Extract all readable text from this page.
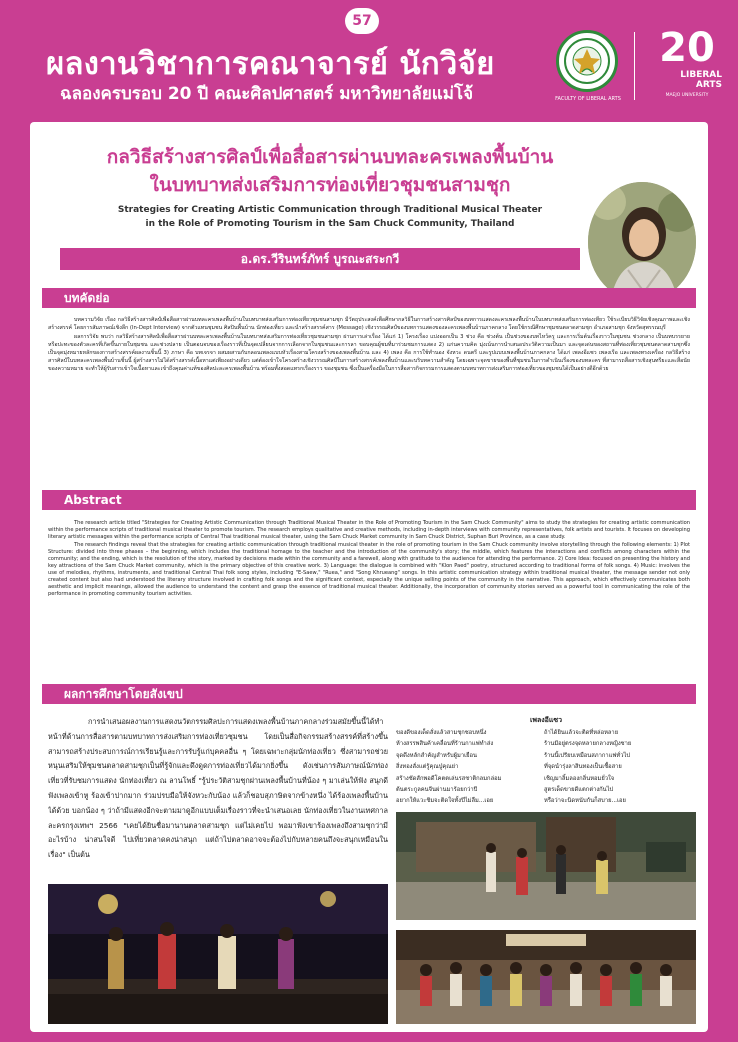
57
ผลงานวิชาการคณาจารย์ นักวิจัย
ฉลองครบรอบ 20 ปี คณะศิลปศาสตร์ มหาวิทยาลัยแม่โจ้	FACULTY OF LIBERAL ARTS
20
LIBERAL ARTS
MAEJO UNIVERSITY
กลวิธีสร้างสารศิลป์เพื่อสื่อสารผ่านบทละครเพลงพื้นบ้าน
ในบทบาทส่งเสริมการท่องเที่ยวชุมชนสามชุก
Strategies for Creating Artistic Communication through Traditional Musical Theater
in the Role of Promoting Tourism in the Sam Chuck Community, Thailand
อ.ดร.วีรินทร์ภัทร์ บูรณะสระกวี
บทคัดย่อ

บทความวิจัย เรื่อง กลวิธีสร้างสารศิลป์เพื่อสื่อสารผ่านบทละครเพลงพื้นบ้านในบทบาทส่งเสริมการท่องเที่ยวชุมชนสามชุก มีวัตถุประสงค์เพื่อศึกษากลวิธีในการสร้างสารศิลป์ของบทการแสดงละครเพลงพื้นบ้านในบทบาทส่งเสริมการท่องเที่ยว ใช้ระเบียบวิธีวิจัยเชิงคุณภาพและเชิงสร้างสรรค์ โดยการสัมภาษณ์เชิงลึก (In-Dept Interview) จากตัวแทนชุมชน ศิลปินพื้นบ้าน นักท่องเที่ยว และนำสร้างสรรค์สาร (Message) เชิงวรรณศิลป์ของบทการแสดงของละครเพลงพื้นบ้านภาคกลาง โดยใช้กรณีศึกษาชุมชนตลาดสามชุก อำเภอสามชุก จังหวัดสุพรรณบุรี

ผลการวิจัย พบว่า กลวิธีสร้างสารศิลป์เพื่อสื่อสารผ่านบทละครเพลงพื้นบ้านในบทบาทส่งเสริมการท่องเที่ยวชุมชนสามชุก ผ่านการเล่าเรื่อง ได้แก่ 1) โครงเรื่อง แบ่งออกเป็น 3 ช่วง คือ ช่วงต้น เป็นช่วงของบทไหว้ครู และการเริ่มต้นเรื่องราวในชุมชน ช่วงกลาง เป็นบทบรรยายหรือปะทะของตัวละครที่เกิดขึ้นภายในชุมชน และช่วงปลาย เป็นตอนจบของเรื่องราวที่เป็นจุดเปลี่ยนจากการเลือกจากในชุมชนและการลา ขอบคุณผู้ชมที่มาร่วมชมการแสดง 2) แก่นความคิด มุ่งเน้นการนำเสนอประวัติความเป็นมา และจุดเด่นของสถานที่ท่องเที่ยวชุมชนตลาดสามชุกซึ่งเป็นจุดมุ่งหมายหลักของการสร้างสรรค์ผลงานชิ้นนี้ 3) ภาษา คือ บทเจรจา ผสมผสานกับกลอนเพลงแบบหัวเรื่องสามโครงสร้างของเพลงพื้นบ้าน และ 4) เพลง คือ การใช้ทำนอง จังหวะ ดนตรี และรูปแบบเพลงพื้นบ้านภาคกลาง ได้แก่ เพลงอีแซว เพลงเรือ และเพลงทรงเครื่อง กลวิธีสร้างสารศิลป์ในบทละครเพลงพื้นบ้านชิ้นนี้ ผู้สร้างสารไม่ได้สร้างสรรค์เนื้อหาแต่เพียงอย่างเดียว แต่ต้องเข้าใจโครงสร้างเชิงวรรณศิลป์ในการสร้างสรรค์เพลงพื้นบ้านและบริบทความสำคัญ โดยเฉพาะจุดขายของพื้นที่ชุมชนในการดำเนินเรื่องของบทละคร ที่สามารถสื่อสารเชิงสุนทรียะและสื่อนัยของความหมาย จะทำให้ผู้รับสารเข้าใจเนื้อหาและเข้าถึงคุณค่าแท้ของศิลปะละครเพลงพื้นบ้าน พร้อมทั้งสอดแทรกเรื่องราว ของชุมชน ซึ่งเป็นเครื่องมือในการสื่อสารกิจกรรมการแสดงตามบทบาทการส่งเสริมการท่องเที่ยวของชุมชนได้เป็นอย่างดีอีกด้วย

Abstract

The research article titled "Strategies for Creating Artistic Communication through Traditional Musical Theater in the Role of Promoting Tourism in the Sam Chuck Community" aims to study the strategies for creating artistic communication within the performance scripts of traditional musical theater to promote tourism. The research employs qualitative and creative methods, including in-depth interviews with community representatives, folk artists and tourists. It focuses on developing literary artistic messages within the performance scripts of Central Thai traditional musical theater, using the Sam Chuck Market community in Sam Chuck District, Suphan Buri Province, as a case study.

The research findings reveal that the strategies for creating artistic communication through traditional musical theater in the role of promoting tourism in the Sam Chuck community involve storytelling through the following elements: 1) Plot Structure: divided into three phases – the beginning, which includes the traditional homage to the teacher and the introduction of the community's story; the middle, which features the interactions and conflicts among characters within the community; and the ending, which is the resolution of the story, marked by decisions made within the community and a farewell, along with gratitude to the audience for attending the performance. 2) Core Idea: focused on presenting the history and key attractions of the Sam Chuck Market community, which is the primary objective of this creative work. 3) Language: the dialogue is combined with "Klon Paed" poetry, structured according to traditional forms of folk songs. 4) Music: involves the use of melodies, rhythms, instruments, and traditional Central Thai folk song styles, including "E-Saew," "Ruea," and "Song Khrueang" songs. In this artistic communication strategy within traditional musical theater, the message sender not only created content but also had understood the literary structure involved in crafting folk songs and the significant context, especially the unique selling points of the community in the narrative. This approach, which effectively communicates both aesthetic and implicit meanings, allowed the audience to understand the content and grasp the essence of traditional musical theater. Additionally, the incorporation of community stories served as a powerful tool in communicating the role of the performance in promoting community tourism activities.

ผลการศึกษาโดยสังเขป

การนำเสนอผลงานการแสดงนวัตกรรมศิลปะการแสดงเพลงพื้นบ้านภาคกลางร่วมสมัยขึ้นนี้ได้ทำหน้าที่ด้านการสื่อสารตามบทบาทการส่งเสริมการท่องเที่ยวชุมชน โดยเป็นสื่อกิจกรรมสร้างสรรค์ที่สร้างขึ้น สามารถสร้างประสบการณ์การเรียนรู้และการรับรู้แก่บุคคลอื่น ๆ โดยเฉพาะกลุ่มนักท่องเที่ยว ซึ่งสามารถช่วยหนุนเสริมให้ชุมชนตลาดสามชุกเป็นที่รู้จักและดึงดูดการท่องเที่ยวได้มากยิ่งขึ้น ดังเช่นการสัมภาษณ์นักท่องเที่ยวที่รับชมการแสดง นักท่องเที่ยว ณ ลานโพธิ์ "รู้ประวัติสามชุกผ่านเพลงพื้นบ้านที่น้อง ๆ มาเล่นให้ฟัง สนุกดี ฟังเพลงเข้าหู ร้องเข้าปากมาก ร่วมปรบมือให้จังหวะกับน้อง แล้วก็ชอบสุภาษิตจากข้างหนึ่ง ได้ร้องเพลงพื้นบ้านได้ด้วย บอกน้อง ๆ ว่าถ้ามีแสดงอีกจะตามมาดูอีกแบบเต็มเรื่องราวที่จะนำเสนอเลย นักท่องเที่ยวในงานเทศกาลละครกรุงเทพฯ 2566 "เคยได้ยินชื่อมานานตลาดสามชุก แต่ไม่เคยไป พอมาฟังเขาร้องเพลงถึงสามชุกว่ามีอะไรบ้าง น่าสนใจดี ไปเที่ยวตลาดคงน่าสนุก แต่ถ้าไปตลาดอาจจะต้องไปกับหลายคนถึงจะสนุกเหมือนในเรื่อง" เป็นต้น

เพลงอีแซว
ของดีของเด็ดสั่งแล้วสามชุกชอบหนึ่ง
ห้างสรรพสินค้าเคลื่อนที่ร้านกาแฟทำส่ง
จุดดึงหลักสำคัญสำหรับผู้มาเยือน
สิ่งทองสั่งแต่รู้คุณปู่คุณย่า
สร้างชัดสักพอดีโคตตเล่นรสชาติกลมกล่อม
ต้นตระกูลคนจีนผ่านมาร้อยกว่าปี
อยากให้แวะชิมจะติดใจทั้งปีไม่ลืม...เอย
ถ้าได้ยินแล้วจะติดที่หล่อหลาย
ร้านมีอยู่ตรงจุดหลายกลางหญิงชาย
ร้านนี้เปรียบเหมือนสภากาแฟทั่วไป
ที่จุดนำรุ่งลาสินทองเป็นเชื้อสาย
เชิญมาลิ้มลองกลิ่นหอมยั่วใจ
สูตรเด็ดขายดีแตกต่างกันไป
หรือว่าจะนิดหนับกันก็สบาย...เอย
